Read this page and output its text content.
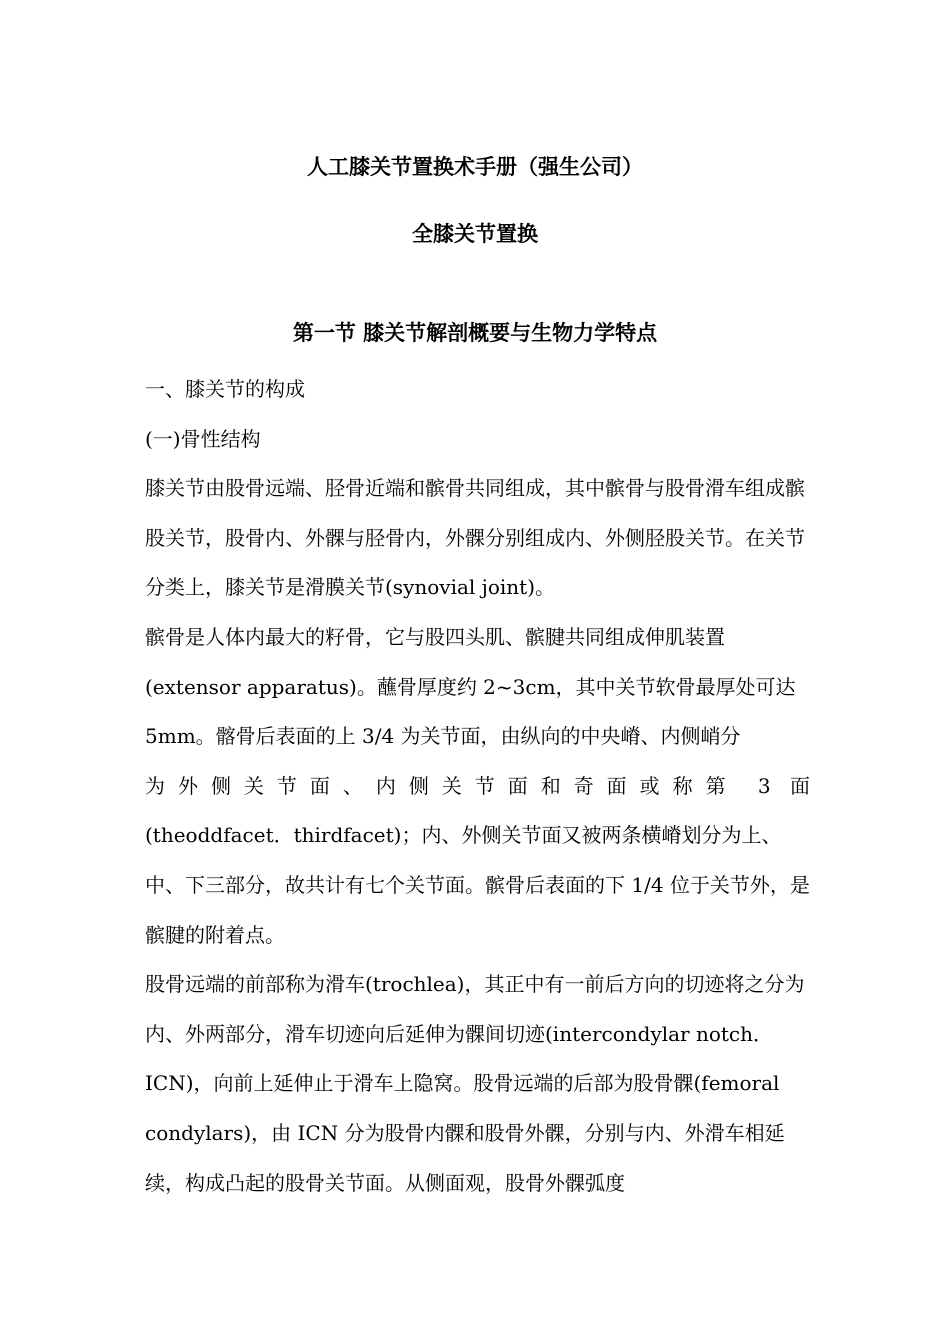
人工膝关节置换术手册（强生公司）
全膝关节置换
第一节 膝关节解剖概要与生物力学特点

一、膝关节的构成

(一)骨性结构

膝关节由股骨远端、胫骨近端和髌骨共同组成，其中髌骨与股骨滑车组成髌股关节，股骨内、外髁与胫骨内，外髁分别组成内、外侧胫股关节。在关节分类上，膝关节是滑膜关节(synovial joint)。

髌骨是人体内最大的籽骨，它与股四头肌、髌腱共同组成伸肌装置(extensor apparatus)。蘸骨厚度约 2~3cm，其中关节软骨最厚处可达 5mm。髂骨后表面的上 3/4 为关节面，由纵向的中央嵴、内侧峭分

为外侧关节面、内侧关节面和奇面或称第 3 面

(theoddfacet．thirdfacet)；内、外侧关节面又被两条横嵴划分为上、中、下三部分，故共计有七个关节面。髌骨后表面的下 1/4 位于关节外，是髌腱的附着点。

股骨远端的前部称为滑车(trochlea)，其正中有一前后方向的切迹将之分为内、外两部分，滑车切迹向后延伸为髁间切迹(intercondylar notch．ICN)，向前上延伸止于滑车上隐窝。股骨远端的后部为股骨髁(femoral condylars)，由 ICN 分为股骨内髁和股骨外髁，分别与内、外滑车相延续，构成凸起的股骨关节面。从侧面观，股骨外髁弧度
